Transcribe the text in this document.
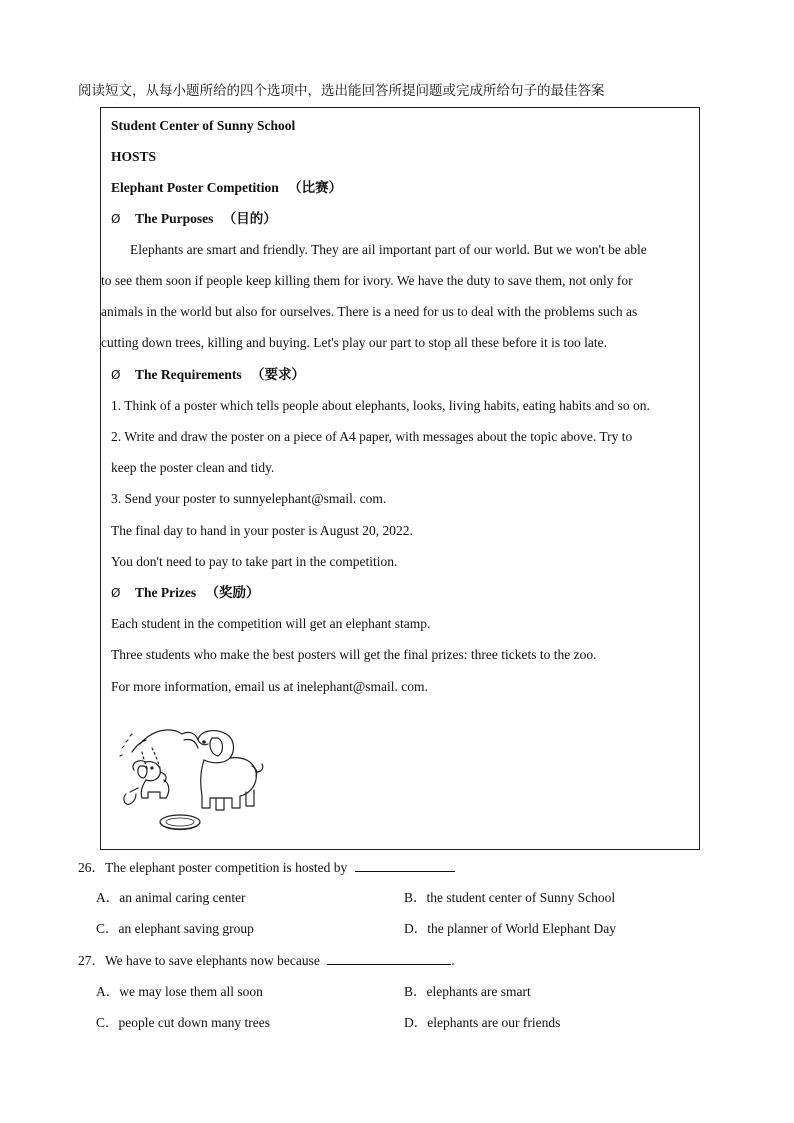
阅读短文，从每小题所给的四个选项中，选出能回答所提问题或完成所给句子的最佳答案
Student Center of Sunny School
HOSTS
Elephant Poster Competition （比赛）
Ø The Purposes （目的）
Elephants are smart and friendly. They are ail important part of our world. But we won't be able
to see them soon if people keep killing them for ivory. We have the duty to save them, not only for
animals in the world but also for ourselves. There is a need for us to deal with the problems such as
cutting down trees, killing and buying. Let's play our part to stop all these before it is too late.
Ø The Requirements （要求）
1. Think of a poster which tells people about elephants, looks, living habits, eating habits and so on.
2. Write and draw the poster on a piece of A4 paper, with messages about the topic above. Try to
keep the poster clean and tidy.
3. Send your poster to sunnyelephant@smail. com.
The final day to hand in your poster is August 20, 2022.
You don't need to pay to take part in the competition.
Ø The Prizes （奖励）
Each student in the competition will get an elephant stamp.
Three students who make the best posters will get the final prizes: three tickets to the zoo.
For more information, email us at inelephant@smail. com.
26．The elephant poster competition is hosted by
A．an animal caring center	B．the student center of Sunny School
C．an elephant saving group	D．the planner of World Elephant Day
27．We have to save elephants now because	.
A．we may lose them all soon	B．elephants are smart
C．people cut down many trees	D．elephants are our friends
